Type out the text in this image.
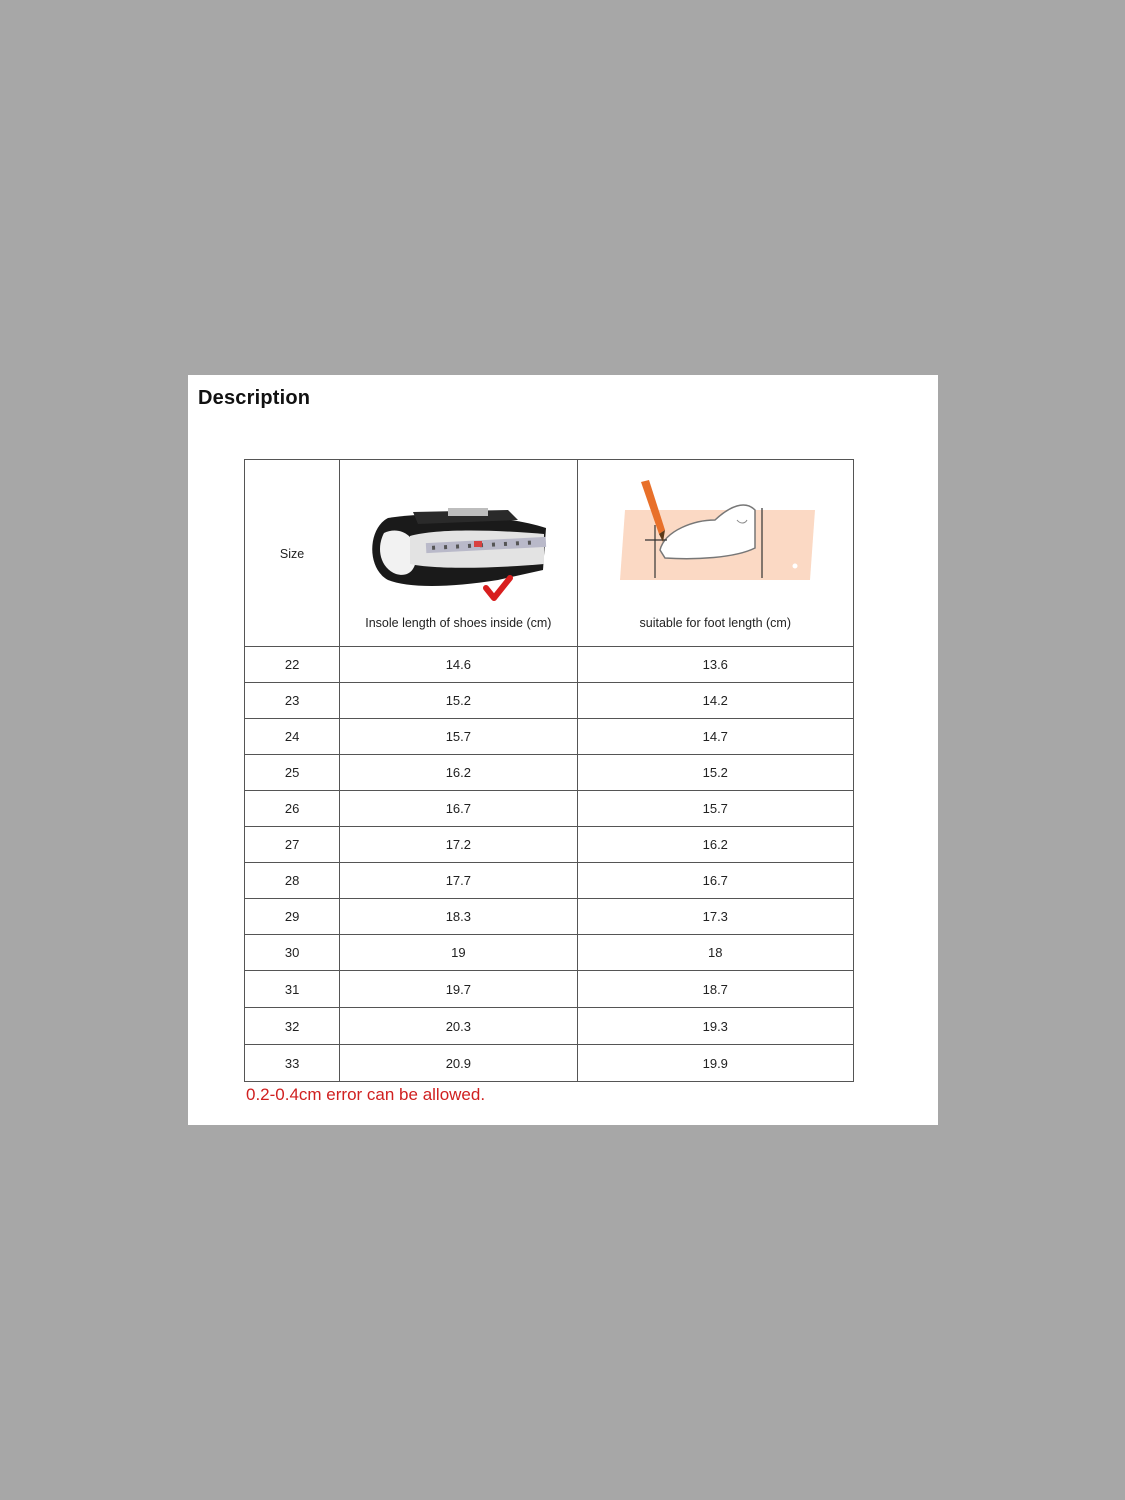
Description
Size	Insole length of shoes inside (cm)	suitable for foot length (cm)

22	14.6	13.6
23	15.2	14.2
24	15.7	14.7
25	16.2	15.2
26	16.7	15.7
27	17.2	16.2
28	17.7	16.7
29	18.3	17.3
30	19	18
31	19.7	18.7
32	20.3	19.3
33	20.9	19.9

0.2-0.4cm error can be allowed.
